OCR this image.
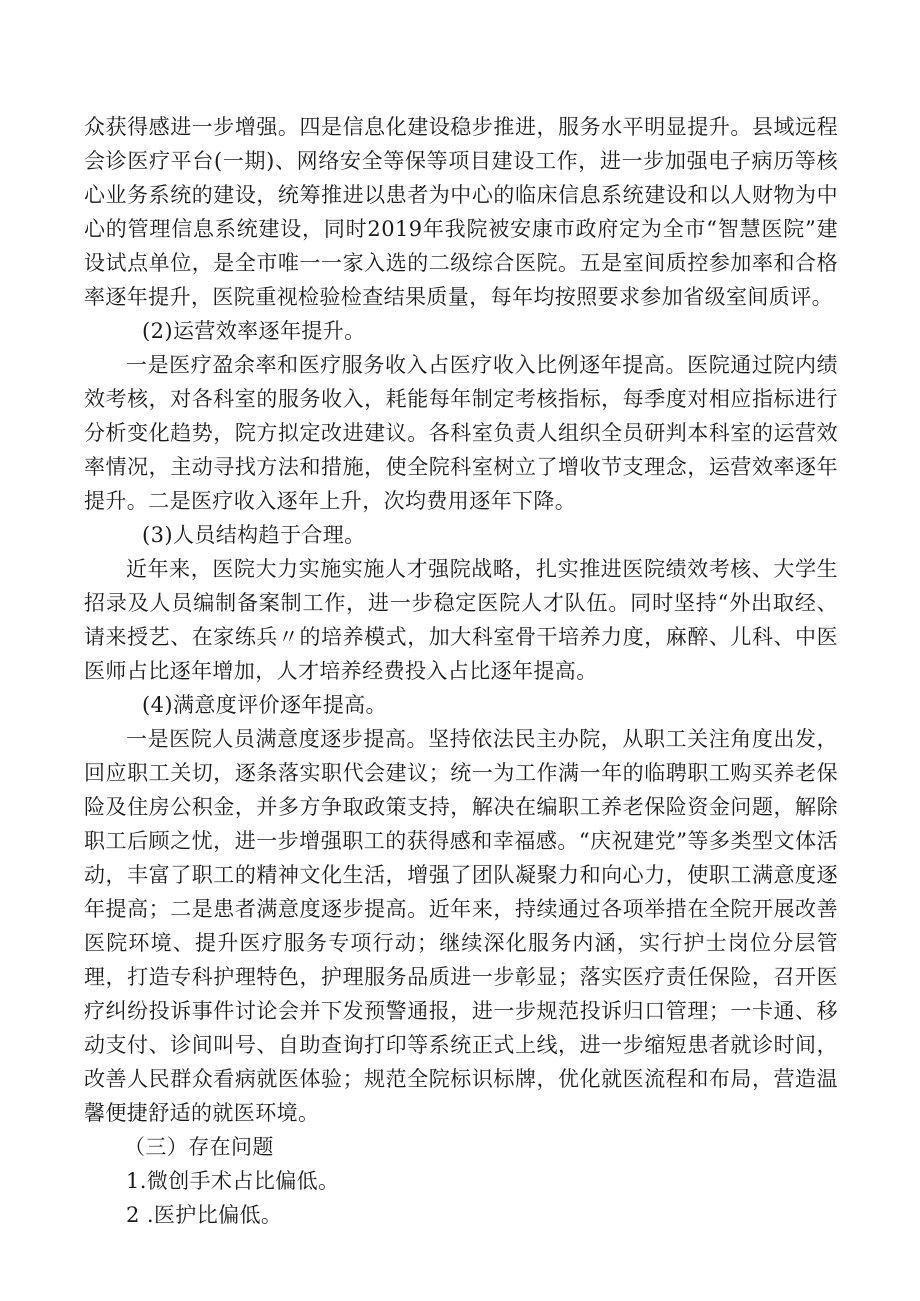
众获得感进一步增强。四是信息化建设稳步推进，服务水平明显提升。县域远程会诊医疗平台(一期)、网络安全等保等项目建设工作，进一步加强电子病历等核心业务系统的建设，统筹推进以患者为中心的临床信息系统建设和以人财物为中心的管理信息系统建设，同时2019年我院被安康市政府定为全市“智慧医院”建设试点单位，是全市唯一一家入选的二级综合医院。五是室间质控参加率和合格率逐年提升，医院重视检验检查结果质量，每年均按照要求参加省级室间质评。

(2)运营效率逐年提升。

一是医疗盈余率和医疗服务收入占医疗收入比例逐年提高。医院通过院内绩效考核，对各科室的服务收入，耗能每年制定考核指标，每季度对相应指标进行分析变化趋势，院方拟定改进建议。各科室负责人组织全员研判本科室的运营效率情况，主动寻找方法和措施，使全院科室树立了增收节支理念，运营效率逐年提升。二是医疗收入逐年上升，次均费用逐年下降。

(3)人员结构趋于合理。

近年来，医院大力实施实施人才强院战略，扎实推进医院绩效考核、大学生招录及人员编制备案制工作，进一步稳定医院人才队伍。同时坚持“外出取经、请来授艺、在家练兵〃的培养模式，加大科室骨干培养力度，麻醉、儿科、中医医师占比逐年增加，人才培养经费投入占比逐年提高。

(4)满意度评价逐年提高。

一是医院人员满意度逐步提高。坚持依法民主办院，从职工关注角度出发，回应职工关切，逐条落实职代会建议；统一为工作满一年的临聘职工购买养老保险及住房公积金，并多方争取政策支持，解决在编职工养老保险资金问题，解除职工后顾之忧，进一步增强职工的获得感和幸福感。“庆祝建党”等多类型文体活动，丰富了职工的精神文化生活，增强了团队凝聚力和向心力，使职工满意度逐年提高；二是患者满意度逐步提高。近年来，持续通过各项举措在全院开展改善医院环境、提升医疗服务专项行动；继续深化服务内涵，实行护士岗位分层管理，打造专科护理特色，护理服务品质进一步彰显；落实医疗责任保险，召开医疗纠纷投诉事件讨论会并下发预警通报，进一步规范投诉归口管理；一卡通、移动支付、诊间叫号、自助查询打印等系统正式上线，进一步缩短患者就诊时间，改善人民群众看病就医体验；规范全院标识标牌，优化就医流程和布局，营造温馨便捷舒适的就医环境。

（三）存在问题

1.微创手术占比偏低。

2 .医护比偏低。
